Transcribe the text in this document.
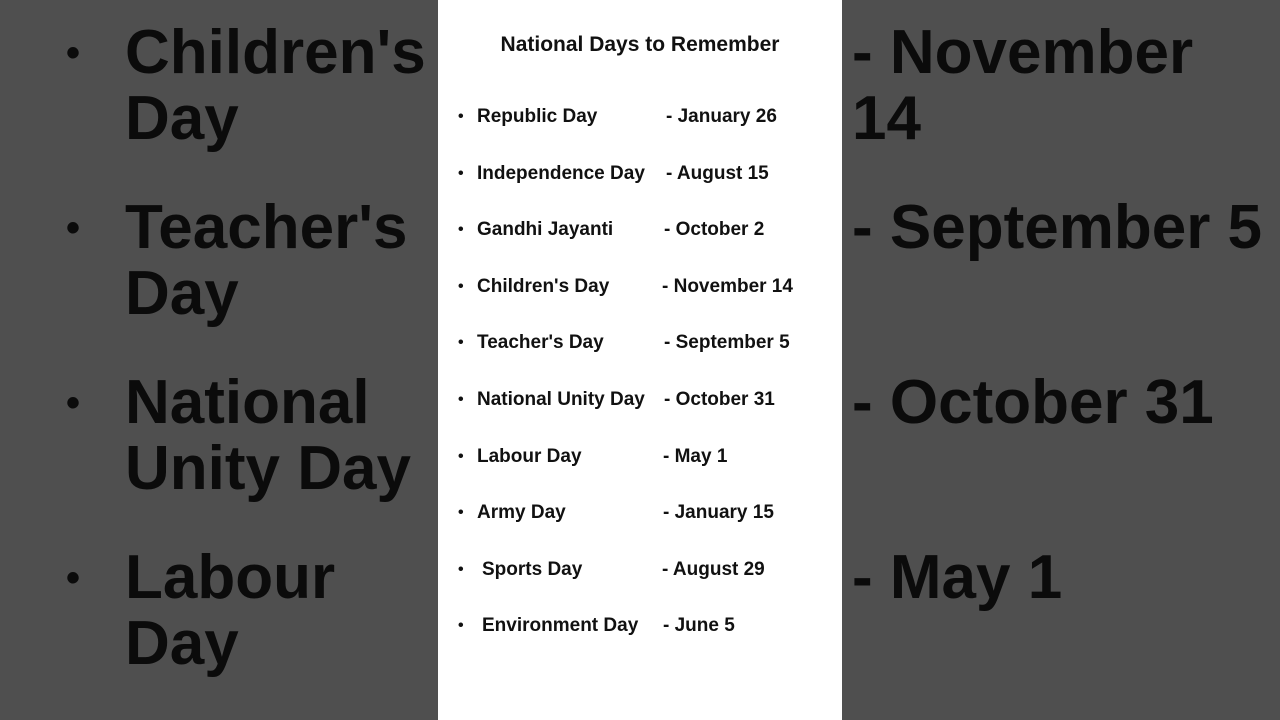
• Children's Day
- November 14
• Teacher's Day
- September 5
• National Unity Day
- October 31
• Labour Day
- May 1
National Days to Remember
• Republic Day	- January 26
• Independence Day - August 15
• Gandhi Jayanti	- October 2
• Children's Day	- November 14
• Teacher's Day	- September 5
• National Unity Day - October 31
• Labour Day	- May 1
• Army Day	- January 15
• Sports Day	- August 29
• Environment Day - June 5
